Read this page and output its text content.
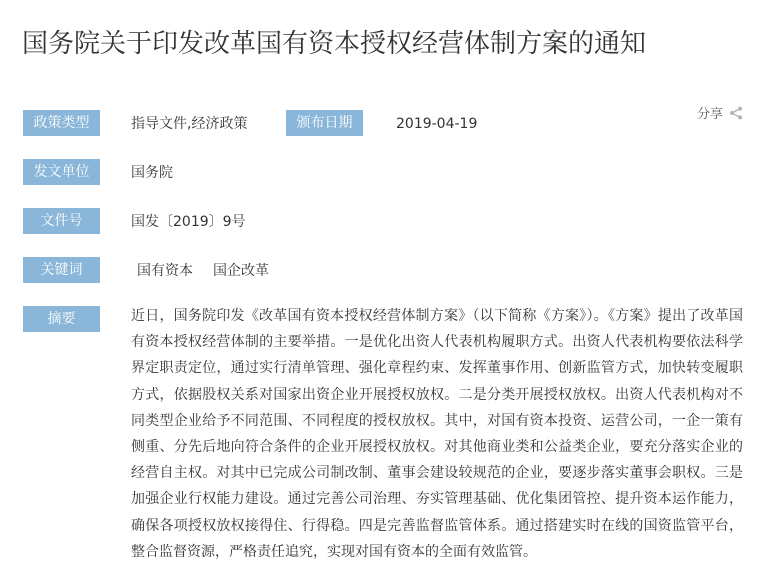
国务院关于印发改革国有资本授权经营体制方案的通知
分享
政策类型	指导文件,经济政策	颁布日期	2019-04-19
发文单位	国务院
文件号	国发〔2019〕9号
关键词	国有资本 国企改革
摘要	近日，国务院印发《改革国有资本授权经营体制方案》（以下简称《方案》）。《方案》提出了改革国有资本授权经营体制的主要举措。一是优化出资人代表机构履职方式。出资人代表机构要依法科学界定职责定位，通过实行清单管理、强化章程约束、发挥董事作用、创新监管方式，加快转变履职方式，依据股权关系对国家出资企业开展授权放权。二是分类开展授权放权。出资人代表机构对不同类型企业给予不同范围、不同程度的授权放权。其中，对国有资本投资、运营公司，一企一策有侧重、分先后地向符合条件的企业开展授权放权。对其他商业类和公益类企业，要充分落实企业的经营自主权。对其中已完成公司制改制、董事会建设较规范的企业，要逐步落实董事会职权。三是加强企业行权能力建设。通过完善公司治理、夯实管理基础、优化集团管控、提升资本运作能力，确保各项授权放权接得住、行得稳。四是完善监督监管体系。通过搭建实时在线的国资监管平台，整合监督资源，严格责任追究，实现对国有资本的全面有效监管。
